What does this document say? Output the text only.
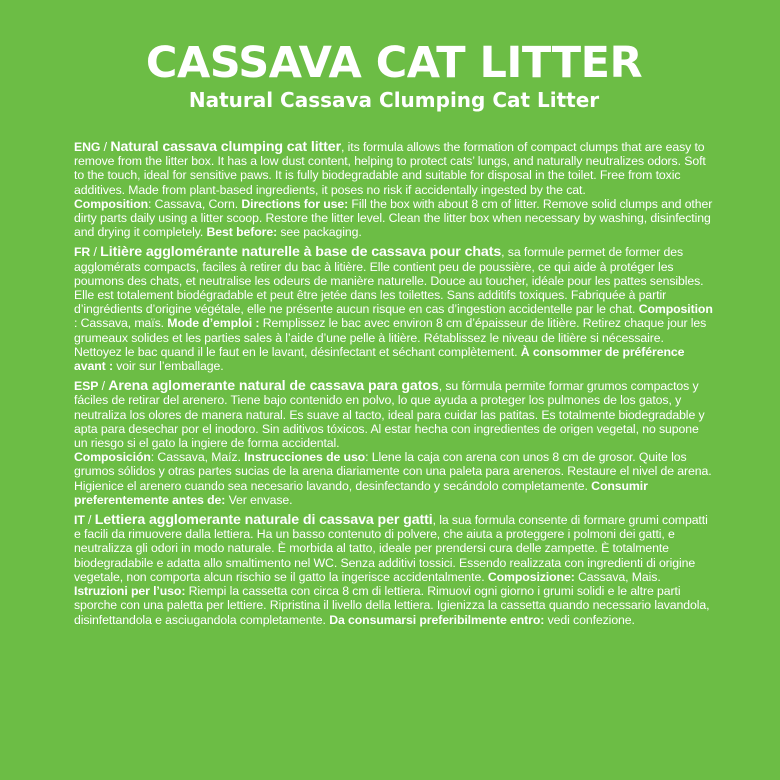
CASSAVA CAT LITTER
Natural Cassava Clumping Cat Litter

ENG / Natural cassava clumping cat litter, its formula allows the formation of compact clumps that are easy to remove from the litter box. It has a low dust content, helping to protect cats’ lungs, and naturally neutralizes odors. Soft to the touch, ideal for sensitive paws. It is fully biodegradable and suitable for disposal in the toilet. Free from toxic additives. Made from plant-based ingredients, it poses no risk if accidentally ingested by the cat.
Composition: Cassava, Corn. Directions for use: Fill the box with about 8 cm of litter. Remove solid clumps and other dirty parts daily using a litter scoop. Restore the litter level. Clean the litter box when necessary by washing, disinfecting and drying it completely. Best before: see packaging.

FR / Litière agglomérante naturelle à base de cassava pour chats, sa formule permet de former des agglomérats compacts, faciles à retirer du bac à litière. Elle contient peu de poussière, ce qui aide à protéger les poumons des chats, et neutralise les odeurs de manière naturelle. Douce au toucher, idéale pour les pattes sensibles. Elle est totalement biodégradable et peut être jetée dans les toilettes. Sans additifs toxiques. Fabriquée à partir d’ingrédients d’origine végétale, elle ne présente aucun risque en cas d’ingestion accidentelle par le chat. Composition : Cassava, maïs. Mode d’emploi : Remplissez le bac avec environ 8 cm d’épaisseur de litière. Retirez chaque jour les grumeaux solides et les parties sales à l’aide d’une pelle à litière. Rétablissez le niveau de litière si nécessaire. Nettoyez le bac quand il le faut en le lavant, désinfectant et séchant complètement. À consommer de préférence avant : voir sur l’emballage.

ESP / Arena aglomerante natural de cassava para gatos, su fórmula permite formar grumos compactos y fáciles de retirar del arenero. Tiene bajo contenido en polvo, lo que ayuda a proteger los pulmones de los gatos, y neutraliza los olores de manera natural. Es suave al tacto, ideal para cuidar las patitas. Es totalmente biodegradable y apta para desechar por el inodoro. Sin aditivos tóxicos. Al estar hecha con ingredientes de origen vegetal, no supone un riesgo si el gato la ingiere de forma accidental.
Composición: Cassava, Maíz. Instrucciones de uso: Llene la caja con arena con unos 8 cm de grosor. Quite los grumos sólidos y otras partes sucias de la arena diariamente con una paleta para areneros. Restaure el nivel de arena. Higienice el arenero cuando sea necesario lavando, desinfectando y secándolo completamente. Consumir preferentemente antes de: Ver envase.

IT / Lettiera agglomerante naturale di cassava per gatti, la sua formula consente di formare grumi compatti e facili da rimuovere dalla lettiera. Ha un basso contenuto di polvere, che aiuta a proteggere i polmoni dei gatti, e neutralizza gli odori in modo naturale. È morbida al tatto, ideale per prendersi cura delle zampette. È totalmente biodegradabile e adatta allo smaltimento nel WC. Senza additivi tossici. Essendo realizzata con ingredienti di origine vegetale, non comporta alcun rischio se il gatto la ingerisce accidentalmente. Composizione: Cassava, Mais. Istruzioni per l’uso: Riempi la cassetta con circa 8 cm di lettiera. Rimuovi ogni giorno i grumi solidi e le altre parti sporche con una paletta per lettiere. Ripristina il livello della lettiera. Igienizza la cassetta quando necessario lavandola, disinfettandola e asciugandola completamente. Da consumarsi preferibilmente entro: vedi confezione.
